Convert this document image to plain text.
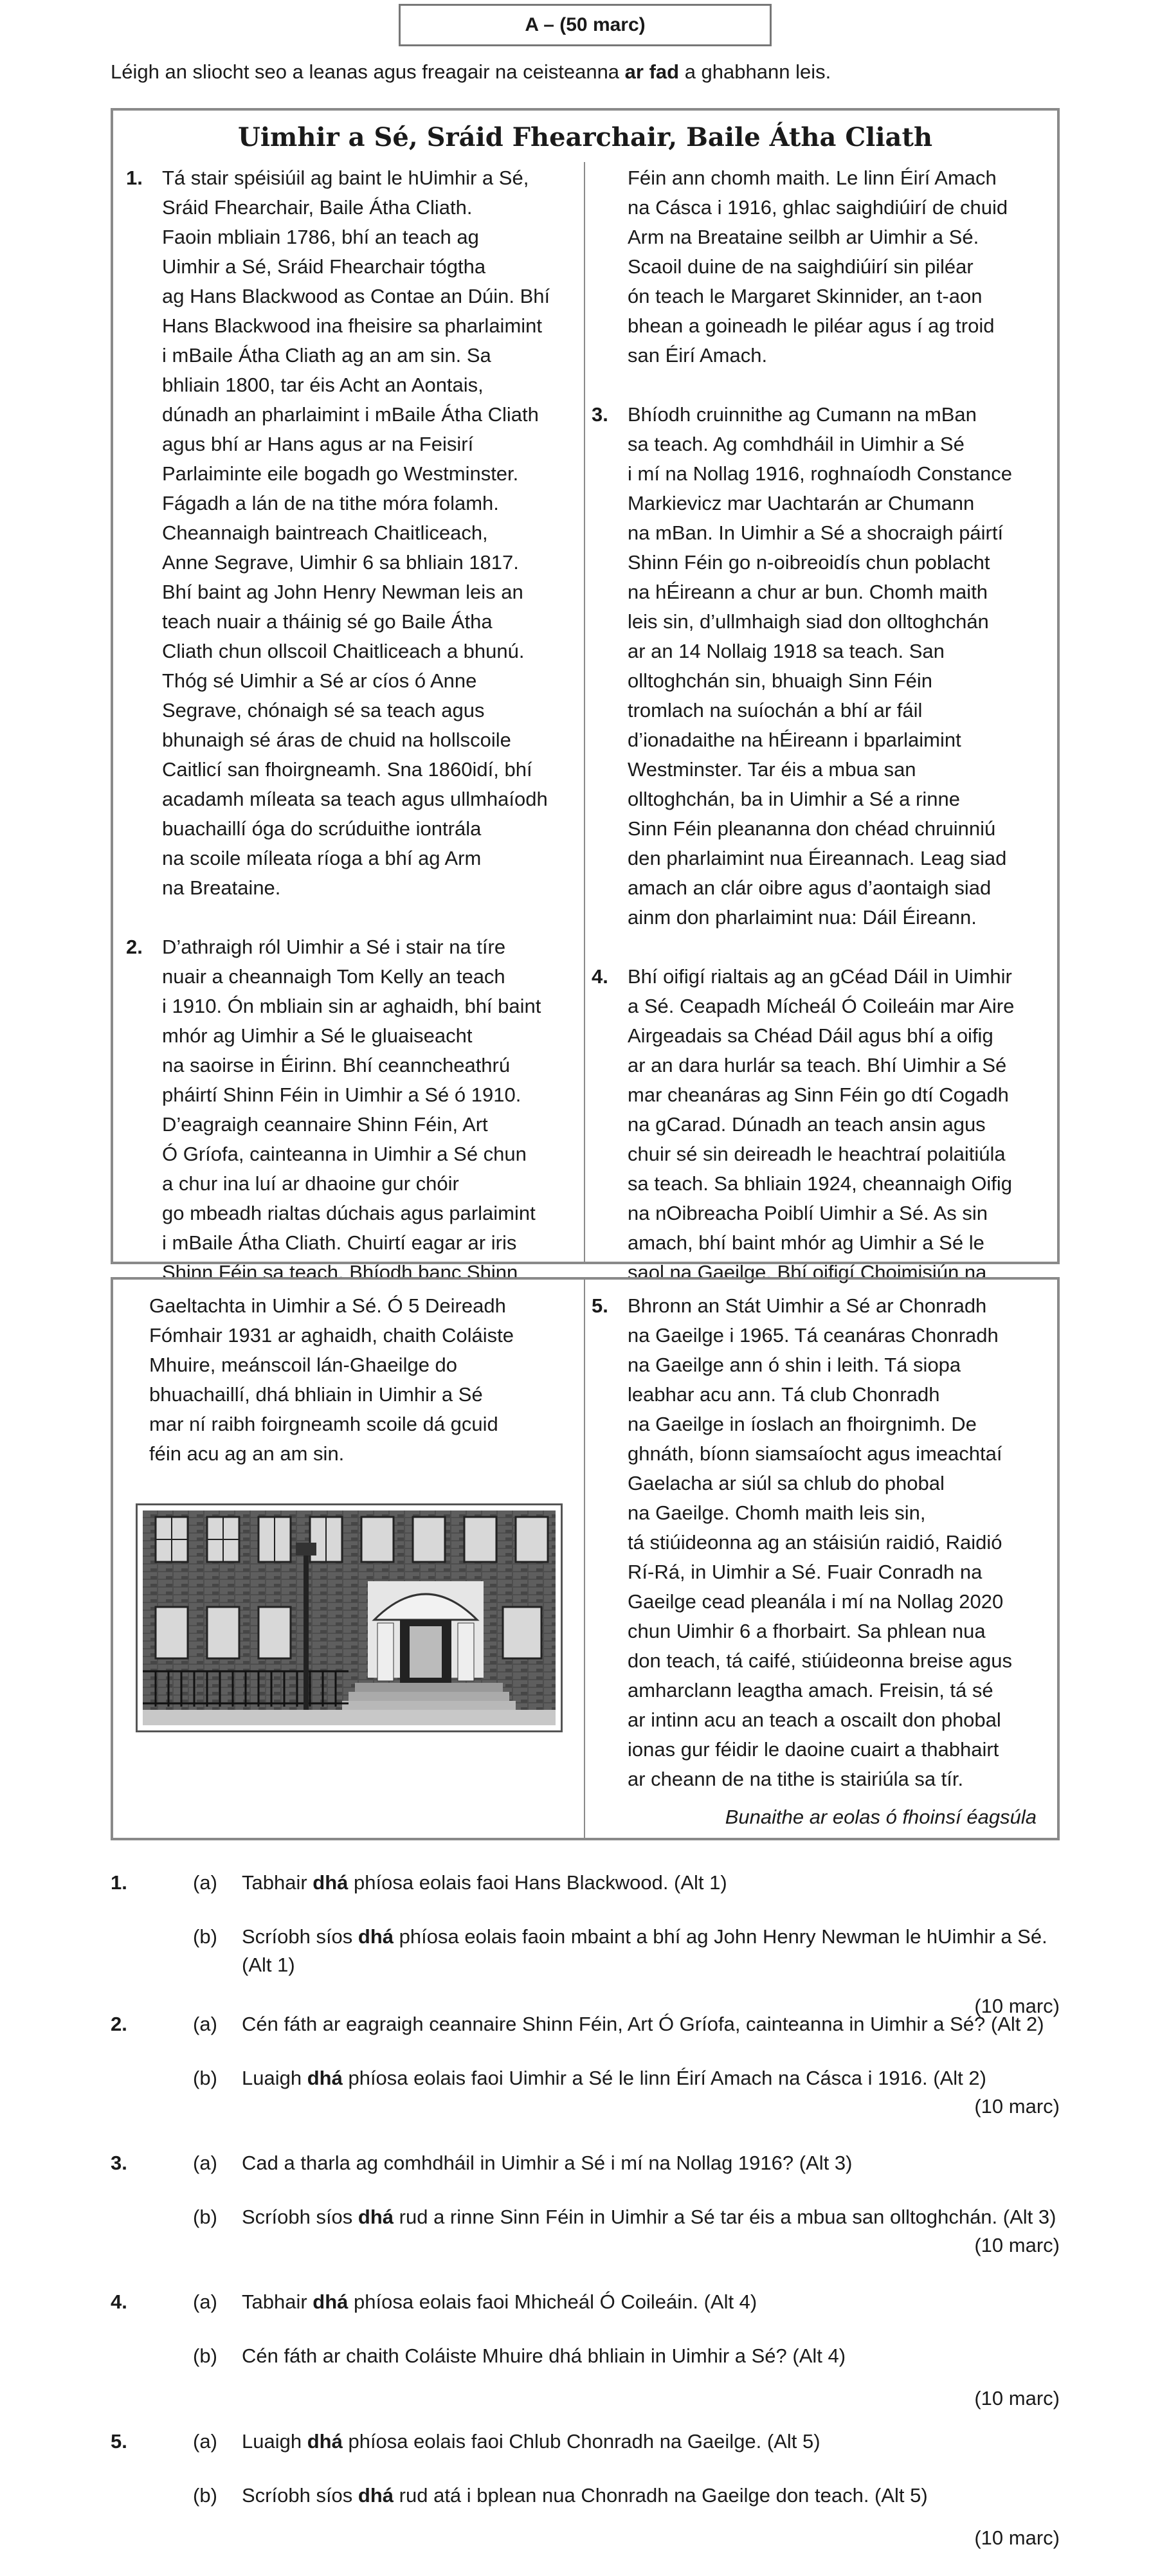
A – (50 marc)
Léigh an sliocht seo a leanas agus freagair na ceisteanna ar fad a ghabhann leis.
Uimhir a Sé, Sráid Fhearchair, Baile Átha Cliath
1. Tá stair spéisiúil ag baint le hUimhir a Sé,

Sráid Fhearchair, Baile Átha Cliath.

Faoin mbliain 1786, bhí an teach ag

Uimhir a Sé, Sráid Fhearchair tógtha

ag Hans Blackwood as Contae an Dúin. Bhí

Hans Blackwood ina fheisire sa pharlaimint

i mBaile Átha Cliath ag an am sin. Sa

bhliain 1800, tar éis Acht an Aontais,

dúnadh an pharlaimint i mBaile Átha Cliath

agus bhí ar Hans agus ar na Feisirí

Parlaiminte eile bogadh go Westminster.

Fágadh a lán de na tithe móra folamh.

Cheannaigh baintreach Chaitliceach,

Anne Segrave, Uimhir 6 sa bhliain 1817.

Bhí baint ag John Henry Newman leis an

teach nuair a tháinig sé go Baile Átha

Cliath chun ollscoil Chaitliceach a bhunú.

Thóg sé Uimhir a Sé ar cíos ó Anne

Segrave, chónaigh sé sa teach agus

bhunaigh sé áras de chuid na hollscoile

Caitlicí san fhoirgneamh. Sna 1860idí, bhí

acadamh míleata sa teach agus ullmhaíodh

buachaillí óga do scrúduithe iontrála

na scoile míleata ríoga a bhí ag Arm

na Breataine.

2. D’athraigh ról Uimhir a Sé i stair na tíre

nuair a cheannaigh Tom Kelly an teach

i 1910. Ón mbliain sin ar aghaidh, bhí baint

mhór ag Uimhir a Sé le gluaiseacht

na saoirse in Éirinn. Bhí ceanncheathrú

pháirtí Shinn Féin in Uimhir a Sé ó 1910.

D’eagraigh ceannaire Shinn Féin, Art

Ó Gríofa, cainteanna in Uimhir a Sé chun

a chur ina luí ar dhaoine gur chóir

go mbeadh rialtas dúchais agus parlaimint

i mBaile Átha Cliath. Chuirtí eagar ar iris

Shinn Féin sa teach. Bhíodh banc Shinn

Féin ann chomh maith. Le linn Éirí Amach

na Cásca i 1916, ghlac saighdiúirí de chuid

Arm na Breataine seilbh ar Uimhir a Sé.

Scaoil duine de na saighdiúirí sin piléar

ón teach le Margaret Skinnider, an t-aon

bhean a goineadh le piléar agus í ag troid

san Éirí Amach.

3. Bhíodh cruinnithe ag Cumann na mBan

sa teach. Ag comhdháil in Uimhir a Sé

i mí na Nollag 1916, roghnaíodh Constance

Markievicz mar Uachtarán ar Chumann

na mBan. In Uimhir a Sé a shocraigh páirtí

Shinn Féin go n-oibreoidís chun poblacht

na hÉireann a chur ar bun. Chomh maith

leis sin, d’ullmhaigh siad don olltoghchán

ar an 14 Nollaig 1918 sa teach. San

olltoghchán sin, bhuaigh Sinn Féin

tromlach na suíochán a bhí ar fáil

d’ionadaithe na hÉireann i bparlaimint

Westminster. Tar éis a mbua san

olltoghchán, ba in Uimhir a Sé a rinne

Sinn Féin pleananna don chéad chruinniú

den pharlaimint nua Éireannach. Leag siad

amach an clár oibre agus d’aontaigh siad

ainm don pharlaimint nua: Dáil Éireann.

4. Bhí oifigí rialtais ag an gCéad Dáil in Uimhir

a Sé. Ceapadh Mícheál Ó Coileáin mar Aire

Airgeadais sa Chéad Dáil agus bhí a oifig

ar an dara hurlár sa teach. Bhí Uimhir a Sé

mar cheanáras ag Sinn Féin go dtí Cogadh

na gCarad. Dúnadh an teach ansin agus

chuir sé sin deireadh le heachtraí polaitiúla

sa teach. Sa bhliain 1924, cheannaigh Oifig

na nOibreacha Poiblí Uimhir a Sé. As sin

amach, bhí baint mhór ag Uimhir a Sé le

saol na Gaeilge. Bhí oifigí Choimisiún na

Gaeltachta in Uimhir a Sé. Ó 5 Deireadh

Fómhair 1931 ar aghaidh, chaith Coláiste

Mhuire, meánscoil lán-Ghaeilge do

bhuachaillí, dhá bhliain in Uimhir a Sé

mar ní raibh foirgneamh scoile dá gcuid

féin acu ag an am sin.

5. Bhronn an Stát Uimhir a Sé ar Chonradh

na Gaeilge i 1965. Tá ceanáras Chonradh

na Gaeilge ann ó shin i leith. Tá siopa

leabhar acu ann. Tá club Chonradh

na Gaeilge in íoslach an fhoirgnimh. De

ghnáth, bíonn siamsaíocht agus imeachtaí

Gaelacha ar siúl sa chlub do phobal

na Gaeilge. Chomh maith leis sin,

tá stiúideonna ag an stáisiún raidió, Raidió

Rí-Rá, in Uimhir a Sé. Fuair Conradh na

Gaeilge cead pleanála i mí na Nollag 2020

chun Uimhir 6 a fhorbairt. Sa phlean nua

don teach, tá caifé, stiúideonna breise agus

amharclann leagtha amach. Freisin, tá sé

ar intinn acu an teach a oscailt don phobal

ionas gur féidir le daoine cuairt a thabhairt

ar cheann de na tithe is stairiúla sa tír.

Bunaithe ar eolas ó fhoinsí éagsúla
1.	(a) Tabhair dhá phíosa eolais faoi Hans Blackwood. (Alt 1)
(b) Scríobh síos dhá phíosa eolais faoin mbaint a bhí ag John Henry Newman le hUimhir a Sé.
(Alt 1)
(10 marc)
2.	(a) Cén fáth ar eagraigh ceannaire Shinn Féin, Art Ó Gríofa, cainteanna in Uimhir a Sé? (Alt 2)
(b) Luaigh dhá phíosa eolais faoi Uimhir a Sé le linn Éirí Amach na Cásca i 1916. (Alt 2)
(10 marc)
3.	(a) Cad a tharla ag comhdháil in Uimhir a Sé i mí na Nollag 1916? (Alt 3)
(b) Scríobh síos dhá rud a rinne Sinn Féin in Uimhir a Sé tar éis a mbua san olltoghchán. (Alt 3)
(10 marc)
4.	(a) Tabhair dhá phíosa eolais faoi Mhicheál Ó Coileáin. (Alt 4)
(b) Cén fáth ar chaith Coláiste Mhuire dhá bhliain in Uimhir a Sé? (Alt 4)
(10 marc)
5.	(a) Luaigh dhá phíosa eolais faoi Chlub Chonradh na Gaeilge. (Alt 5)
(b) Scríobh síos dhá rud atá i bplean nua Chonradh na Gaeilge don teach. (Alt 5)
(10 marc)
